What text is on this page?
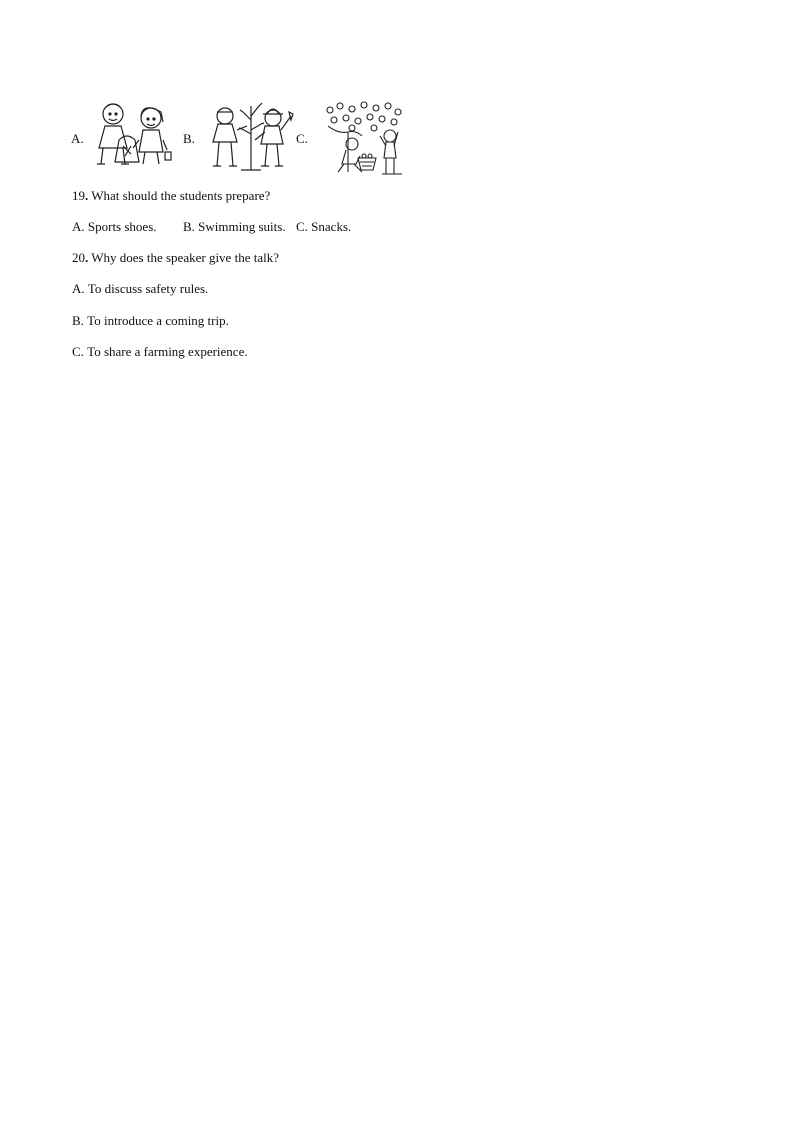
A.	B.	C.
19. What should the students prepare?
A. Sports shoes. B. Swimming suits. C. Snacks.
20. Why does the speaker give the talk?
A. To discuss safety rules.
B. To introduce a coming trip.
C. To share a farming experience.
